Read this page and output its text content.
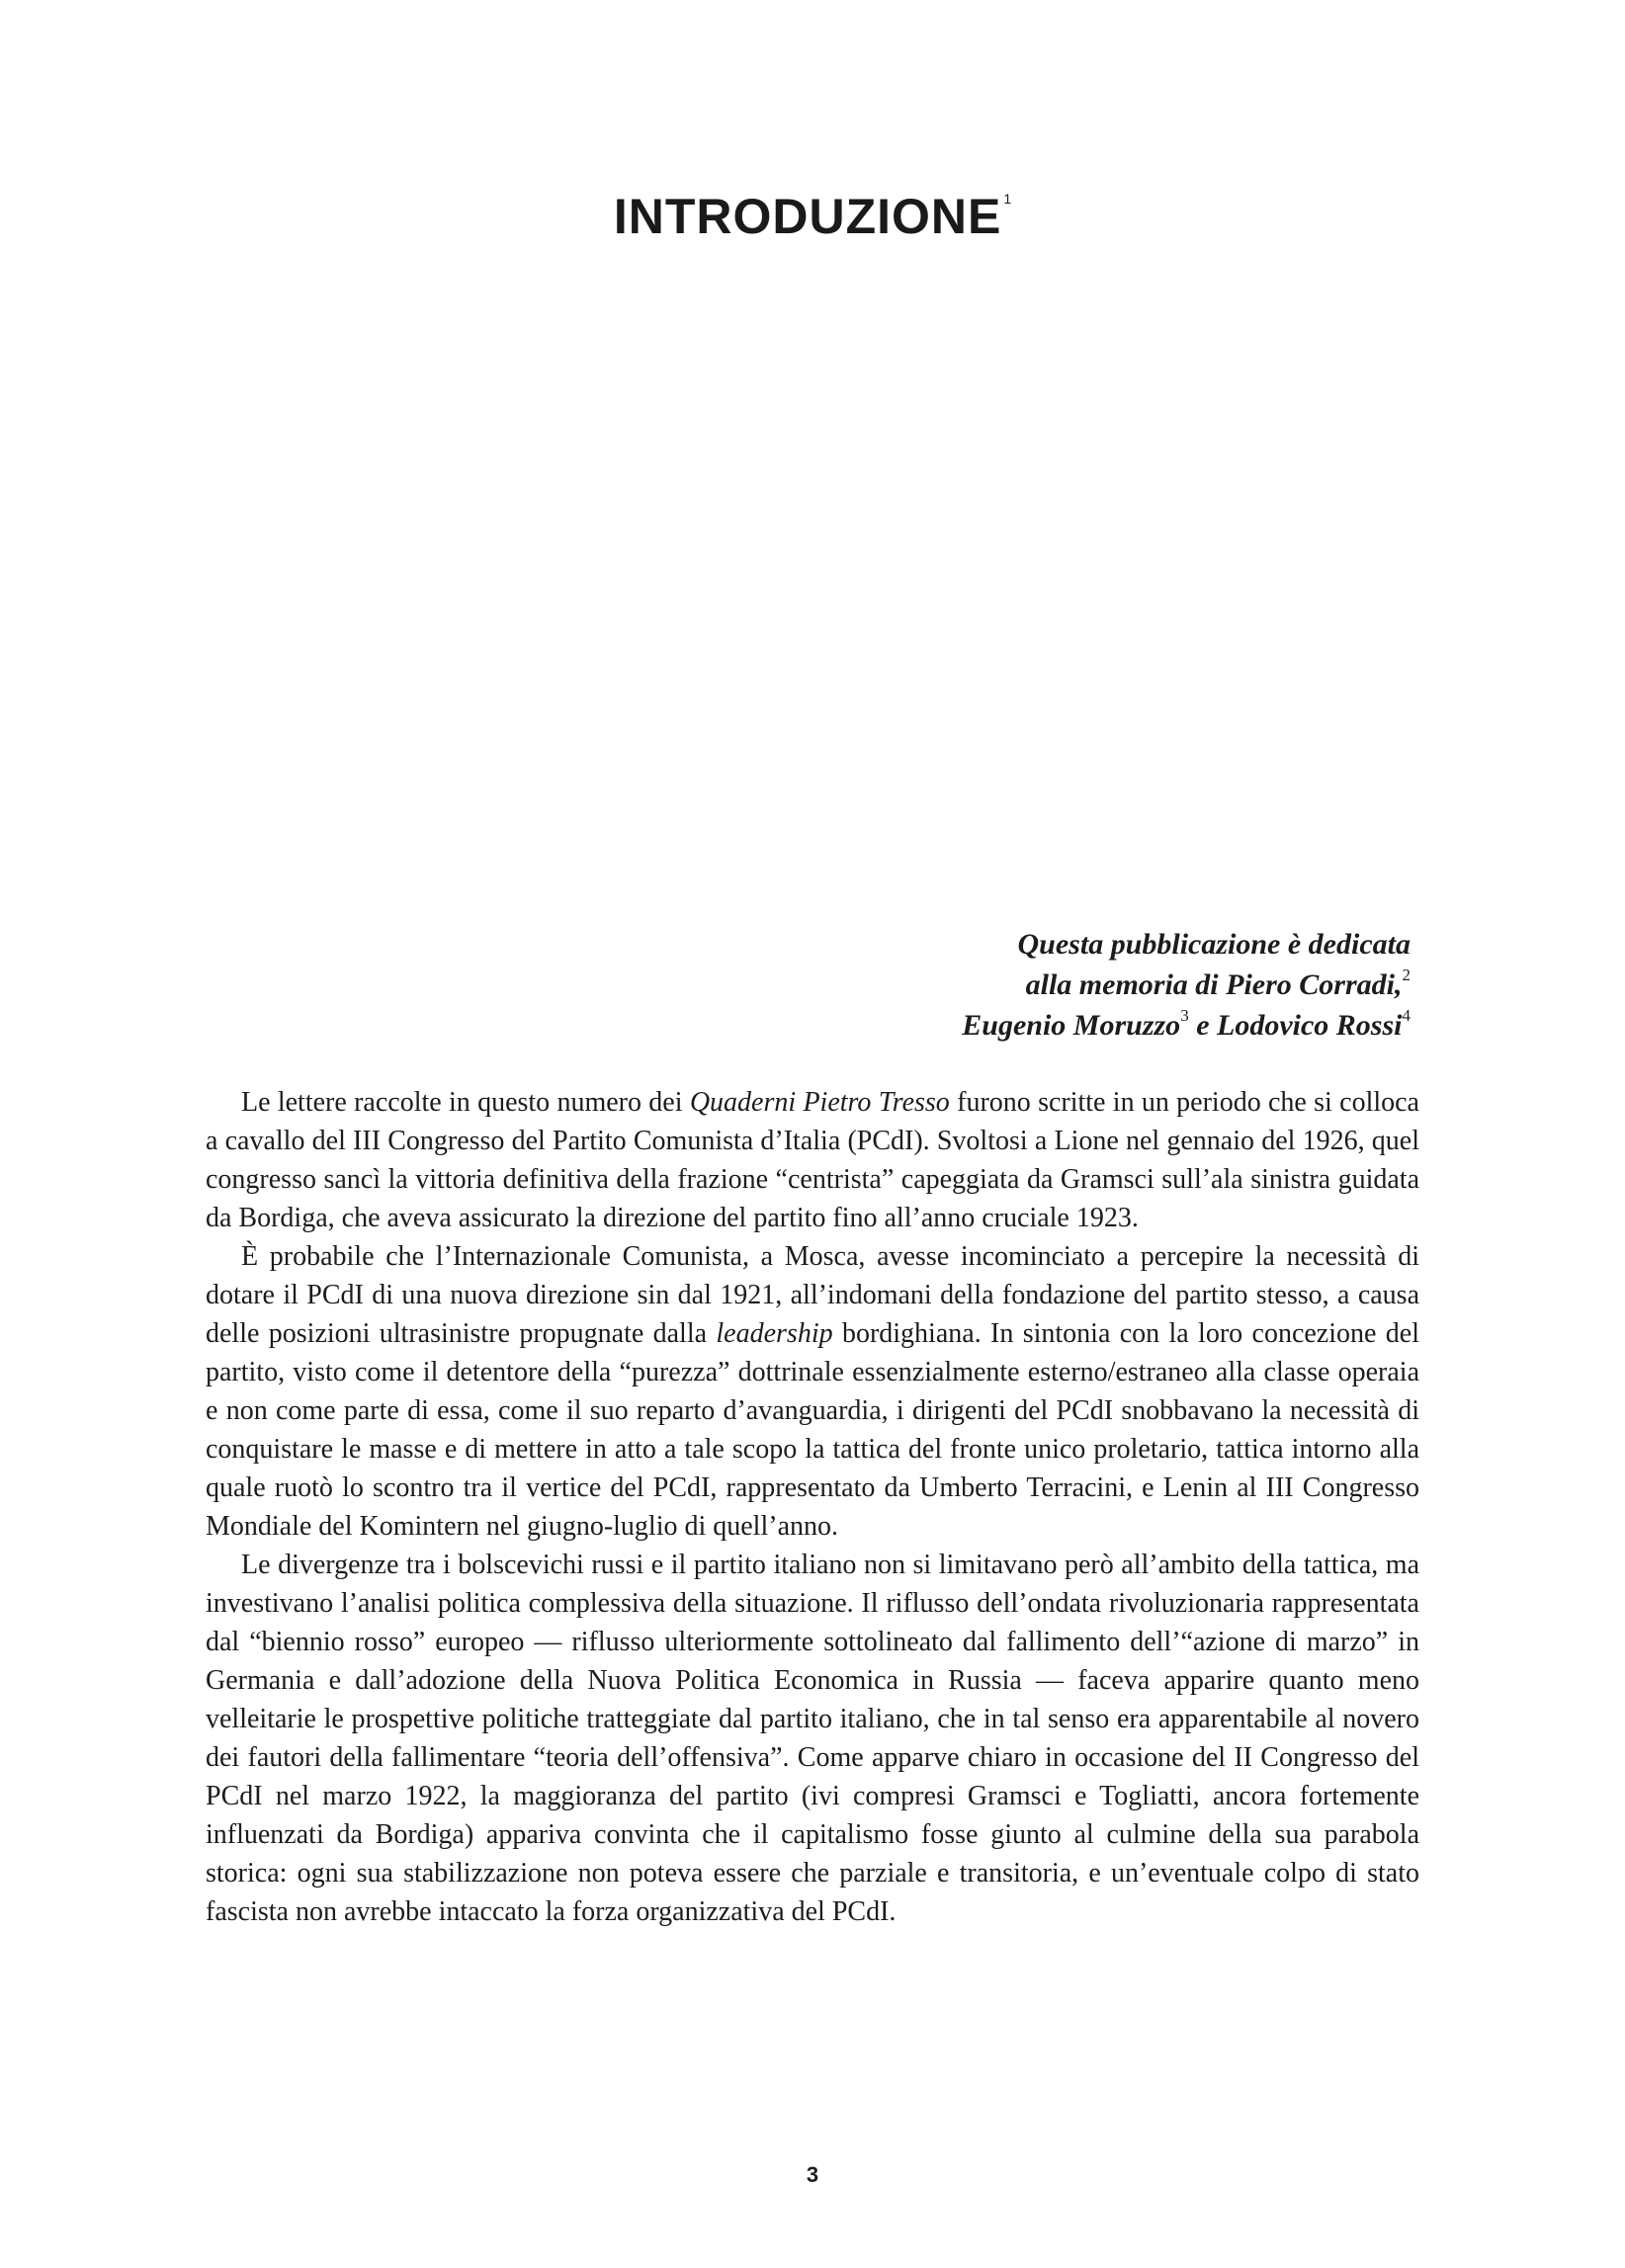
INTRODUZIONE $^1$
Questa pubblicazione è dedicata
alla memoria di Piero Corradi,$^2$
Eugenio Moruzzo$^3$ e Lodovico Rossi$^4$

Le lettere raccolte in questo numero dei Quaderni Pietro Tresso furono scritte in un periodo che si colloca a cavallo del III Congresso del Partito Comunista d’Italia (PCdI). Svoltosi a Lione nel gennaio del 1926, quel congresso sancì la vittoria definitiva della frazione “centrista” capeggiata da Gramsci sull’ala sinistra guidata da Bordiga, che aveva assicurato la direzione del partito fino all’anno cruciale 1923.

È probabile che l’Internazionale Comunista, a Mosca, avesse incominciato a percepire la necessità di dotare il PCdI di una nuova direzione sin dal 1921, all’indomani della fondazione del partito stesso, a causa delle posizioni ultrasinistre propugnate dalla leadership bordighiana. In sintonia con la loro concezione del partito, visto come il detentore della “purezza” dottrinale essenzialmente esterno/estraneo alla classe operaia e non come parte di essa, come il suo reparto d’avanguardia, i dirigenti del PCdI snobbavano la necessità di conquistare le masse e di mettere in atto a tale scopo la tattica del fronte unico proletario, tattica intorno alla quale ruotò lo scontro tra il vertice del PCdI, rappresentato da Umberto Terracini, e Lenin al III Congresso Mondiale del Komintern nel giugno-luglio di quell’anno.

Le divergenze tra i bolscevichi russi e il partito italiano non si limitavano però all’ambito della tattica, ma investivano l’analisi politica complessiva della situazione. Il riflusso dell’ondata rivoluzionaria rappresentata dal “biennio rosso” europeo — riflusso ulteriormente sottolineato dal fallimento dell’“azione di marzo” in Germania e dall’adozione della Nuova Politica Economica in Russia — faceva apparire quanto meno velleitarie le prospettive politiche tratteggiate dal partito italiano, che in tal senso era apparentabile al novero dei fautori della fallimentare “teoria dell’offensiva”. Come apparve chiaro in occasione del II Congresso del PCdI nel marzo 1922, la maggioranza del partito (ivi compresi Gramsci e Togliatti, ancora fortemente influenzati da Bordiga) appariva convinta che il capitalismo fosse giunto al culmine della sua parabola storica: ogni sua stabilizzazione non poteva essere che parziale e transitoria, e un’eventuale colpo di stato fascista non avrebbe intaccato la forza organizzativa del PCdI.

3
